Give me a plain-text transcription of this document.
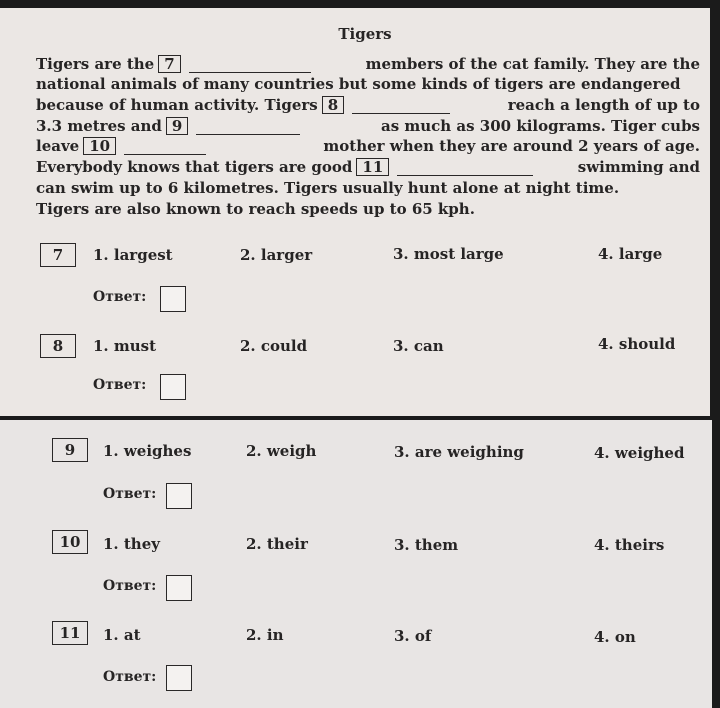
Tigers
Tigers are the 7	members of the cat family. They are the
national animals of many countries but some kinds of tigers are endangered
because of human activity. Tigers 8	reach a length of up to
3.3 metres and 9	as much as 300 kilograms. Tiger cubs
leave 10	mother when they are around 2 years of age.
Everybody knows that tigers are good 11	swimming and
can swim up to 6 kilometres. Tigers usually hunt alone at night time.
Tigers are also known to reach speeds up to 65 kph.
7	1. largest	2. larger	3. most large	4. large
Ответ:
8	1. must	2. could	3. can	4. should
Ответ:
9	1. weighes	2. weigh	3. are weighing	4. weighed
Ответ:
10	1. they	2. their	3. them	4. theirs
Ответ:
11	1. at	2. in	3. of	4. on
Ответ:
